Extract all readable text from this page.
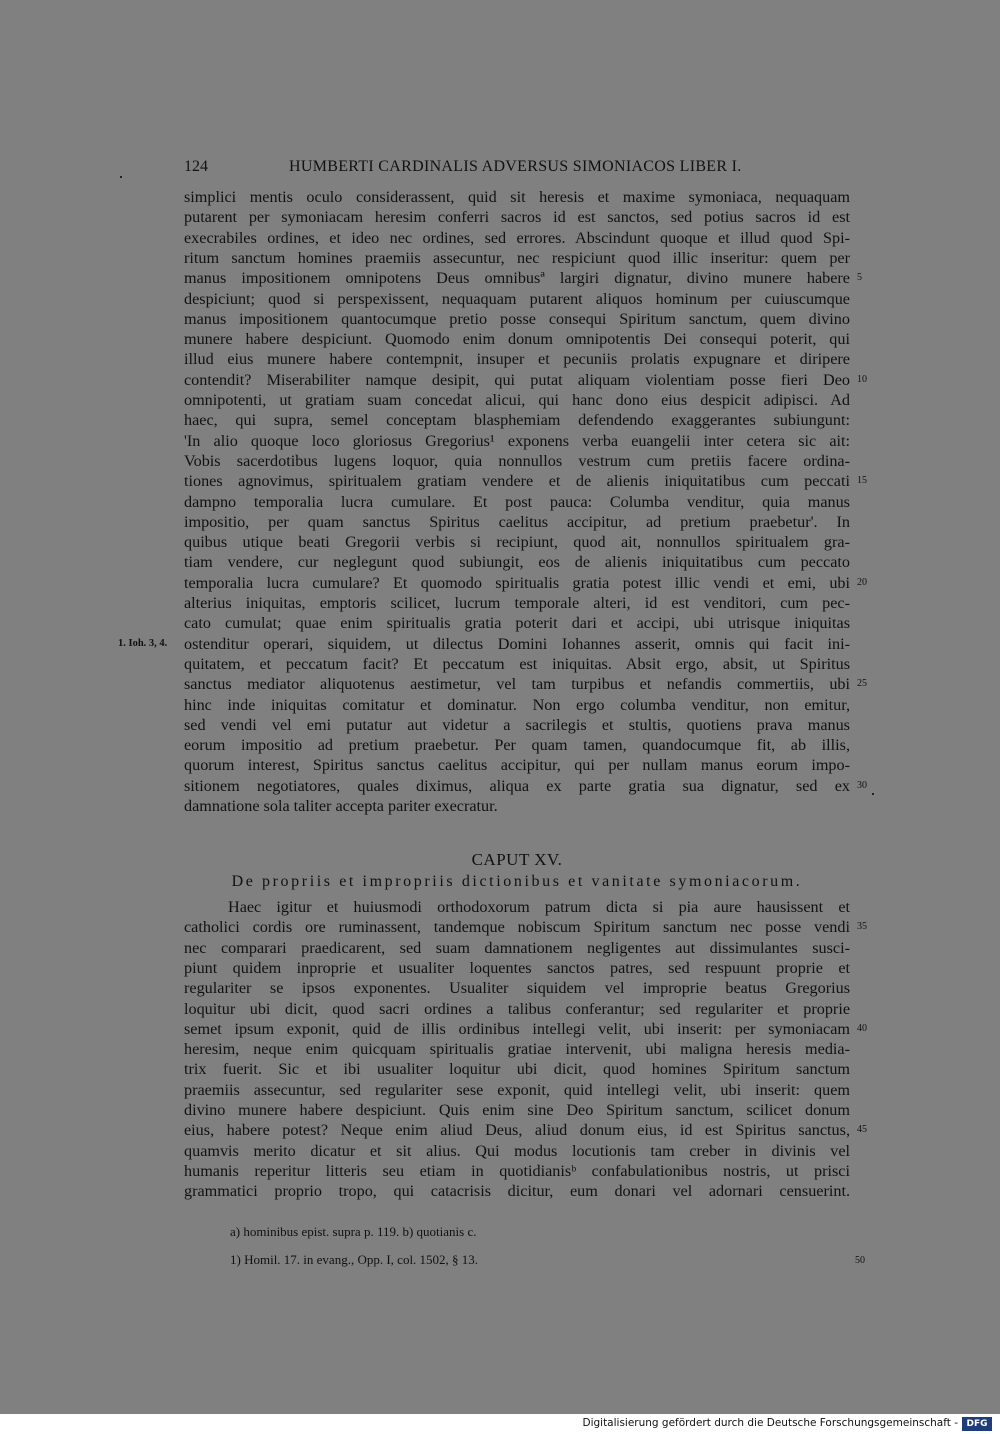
124	HUMBERTI CARDINALIS ADVERSUS SIMONIACOS LIBER I.
simplici mentis oculo considerassent, quid sit heresis et maxime symoniaca, nequaquam
putarent per symoniacam heresim conferri sacros id est sanctos, sed potius sacros id est
execrabiles ordines, et ideo nec ordines, sed errores. Abscindunt quoque et illud quod Spi-
ritum sanctum homines praemiis assecuntur, nec respiciunt quod illic inseritur: quem per
manus impositionem omnipotens Deus omnibusª largiri dignatur, divino munere habere 5
despiciunt; quod si perspexissent, nequaquam putarent aliquos hominum per cuiuscumque
manus impositionem quantocumque pretio posse consequi Spiritum sanctum, quem divino
munere habere despiciunt. Quomodo enim donum omnipotentis Dei consequi poterit, qui
illud eius munere habere contempnit, insuper et pecuniis prolatis expugnare et diripere
contendit? Miserabiliter namque desipit, qui putat aliquam violentiam posse fieri Deo 10
omnipotenti, ut gratiam suam concedat alicui, qui hanc dono eius despicit adipisci. Ad
haec, qui supra, semel conceptam blasphemiam defendendo exaggerantes subiungunt:
'In alio quoque loco gloriosus Gregorius¹ exponens verba euangelii inter cetera sic ait:
Vobis sacerdotibus lugens loquor, quia nonnullos vestrum cum pretiis facere ordina-
tiones agnovimus, spiritualem gratiam vendere et de alienis iniquitatibus cum peccati 15
dampno temporalia lucra cumulare. Et post pauca: Columba venditur, quia manus
impositio, per quam sanctus Spiritus caelitus accipitur, ad pretium praebetur'. In
quibus utique beati Gregorii verbis si recipiunt, quod ait, nonnullos spiritualem gra-
tiam vendere, cur neglegunt quod subiungit, eos de alienis iniquitatibus cum peccato
temporalia lucra cumulare? Et quomodo spiritualis gratia potest illic vendi et emi, ubi 20
alterius iniquitas, emptoris scilicet, lucrum temporale alteri, id est venditori, cum pec-
cato cumulat; quae enim spiritualis gratia poterit dari et accipi, ubi utrisque iniquitas
ostenditur operari, siquidem, ut dilectus Domini Iohannes asserit, omnis qui facit ini-
1. Ioh. 3, 4.
quitatem, et peccatum facit? Et peccatum est iniquitas. Absit ergo, absit, ut Spiritus
sanctus mediator aliquotenus aestimetur, vel tam turpibus et nefandis commertiis, ubi 25
hinc inde iniquitas comitatur et dominatur. Non ergo columba venditur, non emitur,
sed vendi vel emi putatur aut videtur a sacrilegis et stultis, quotiens prava manus
eorum impositio ad pretium praebetur. Per quam tamen, quandocumque fit, ab illis,
quorum interest, Spiritus sanctus caelitus accipitur, qui per nullam manus eorum impo-
sitionem negotiatores, quales diximus, aliqua ex parte gratia sua dignatur, sed ex 30
damnatione sola taliter accepta pariter execratur.
CAPUT XV.
De propriis et impropriis dictionibus et vanitate symoniacorum.
Haec igitur et huiusmodi orthodoxorum patrum dicta si pia aure hausissent et
catholici cordis ore ruminassent, tandemque nobiscum Spiritum sanctum nec posse vendi 35
nec comparari praedicarent, sed suam damnationem negligentes aut dissimulantes susci-
piunt quidem inproprie et usualiter loquentes sanctos patres, sed respuunt proprie et
regulariter se ipsos exponentes. Usualiter siquidem vel improprie beatus Gregorius
loquitur ubi dicit, quod sacri ordines a talibus conferantur; sed regulariter et proprie
semet ipsum exponit, quid de illis ordinibus intellegi velit, ubi inserit: per symoniacam 40
heresim, neque enim quicquam spiritualis gratiae intervenit, ubi maligna heresis media-
trix fuerit. Sic et ibi usualiter loquitur ubi dicit, quod homines Spiritum sanctum
praemiis assecuntur, sed regulariter sese exponit, quid intellegi velit, ubi inserit: quem
divino munere habere despiciunt. Quis enim sine Deo Spiritum sanctum, scilicet donum
eius, habere potest? Neque enim aliud Deus, aliud donum eius, id est Spiritus sanctus, 45
quamvis merito dicatur et sit alius. Qui modus locutionis tam creber in divinis vel
humanis reperitur litteris seu etiam in quotidianisᵇ confabulationibus nostris, ut prisci
grammatici proprio tropo, qui catacrisis dicitur, eum donari vel adornari censuerint.
a) hominibus epist. supra p. 119. b) quotianis c.
1) Homil. 17. in evang., Opp. I, col. 1502, § 13.	50
Digitalisierung gefördert durch die Deutsche Forschungsgemeinschaft - DFG
